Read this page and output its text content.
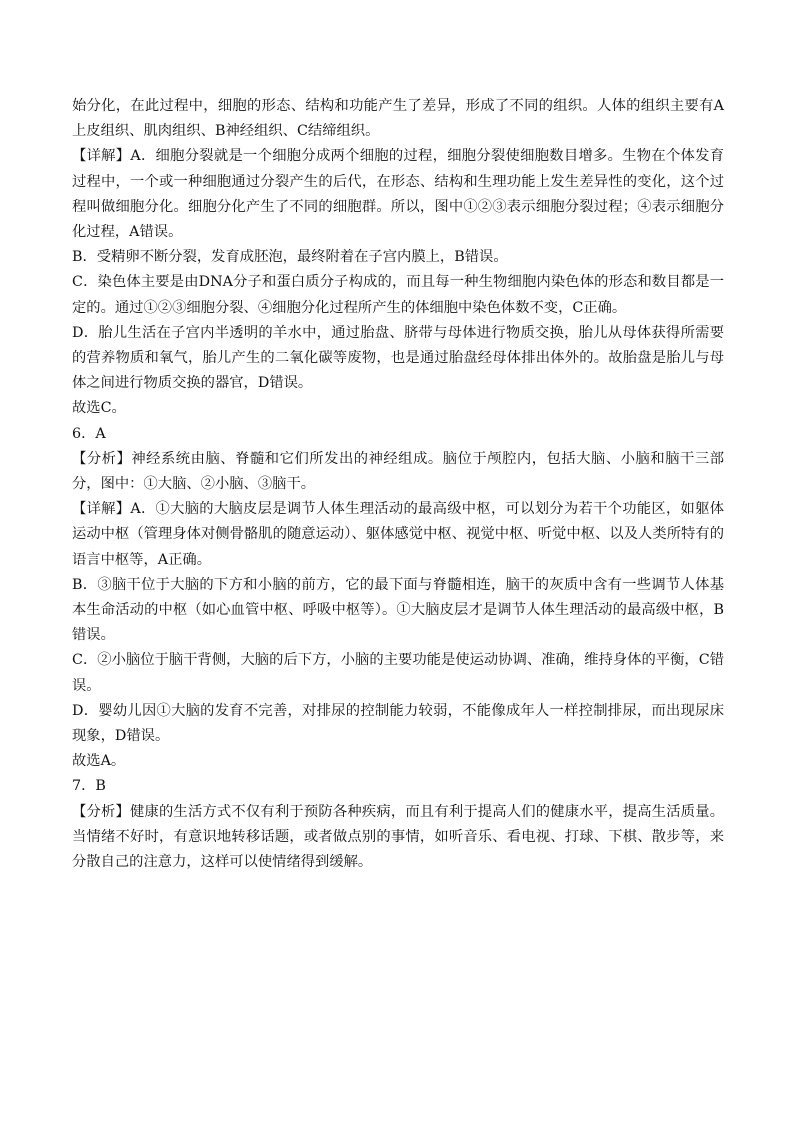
始分化，在此过程中，细胞的形态、结构和功能产生了差异，形成了不同的组织。人体的组织主要有A上皮组织、肌肉组织、B神经组织、C结缔组织。

【详解】A．细胞分裂就是一个细胞分成两个细胞的过程，细胞分裂使细胞数目增多。生物在个体发育过程中，一个或一种细胞通过分裂产生的后代，在形态、结构和生理功能上发生差异性的变化，这个过程叫做细胞分化。细胞分化产生了不同的细胞群。所以，图中①②③表示细胞分裂过程；④表示细胞分化过程，A错误。

B．受精卵不断分裂，发育成胚泡，最终附着在子宫内膜上，B错误。

C．染色体主要是由DNA分子和蛋白质分子构成的，而且每一种生物细胞内染色体的形态和数目都是一定的。通过①②③细胞分裂、④细胞分化过程所产生的体细胞中染色体数不变，C正确。

D．胎儿生活在子宫内半透明的羊水中，通过胎盘、脐带与母体进行物质交换，胎儿从母体获得所需要的营养物质和氧气，胎儿产生的二氧化碳等废物，也是通过胎盘经母体排出体外的。故胎盘是胎儿与母体之间进行物质交换的器官，D错误。

故选C。

6．A

【分析】神经系统由脑、脊髓和它们所发出的神经组成。脑位于颅腔内，包括大脑、小脑和脑干三部分，图中：①大脑、②小脑、③脑干。

【详解】A．①大脑的大脑皮层是调节人体生理活动的最高级中枢，可以划分为若干个功能区，如躯体运动中枢（管理身体对侧骨骼肌的随意运动）、躯体感觉中枢、视觉中枢、听觉中枢、以及人类所特有的语言中枢等，A正确。

B．③脑干位于大脑的下方和小脑的前方，它的最下面与脊髓相连，脑干的灰质中含有一些调节人体基本生命活动的中枢（如心血管中枢、呼吸中枢等）。①大脑皮层才是调节人体生理活动的最高级中枢，B错误。

C．②小脑位于脑干背侧，大脑的后下方，小脑的主要功能是使运动协调、准确，维持身体的平衡，C错误。

D．婴幼儿因①大脑的发育不完善，对排尿的控制能力较弱，不能像成年人一样控制排尿，而出现尿床现象，D错误。

故选A。

7．B

【分析】健康的生活方式不仅有利于预防各种疾病，而且有利于提高人们的健康水平，提高生活质量。当情绪不好时，有意识地转移话题，或者做点别的事情，如听音乐、看电视、打球、下棋、散步等，来分散自己的注意力，这样可以使情绪得到缓解。
